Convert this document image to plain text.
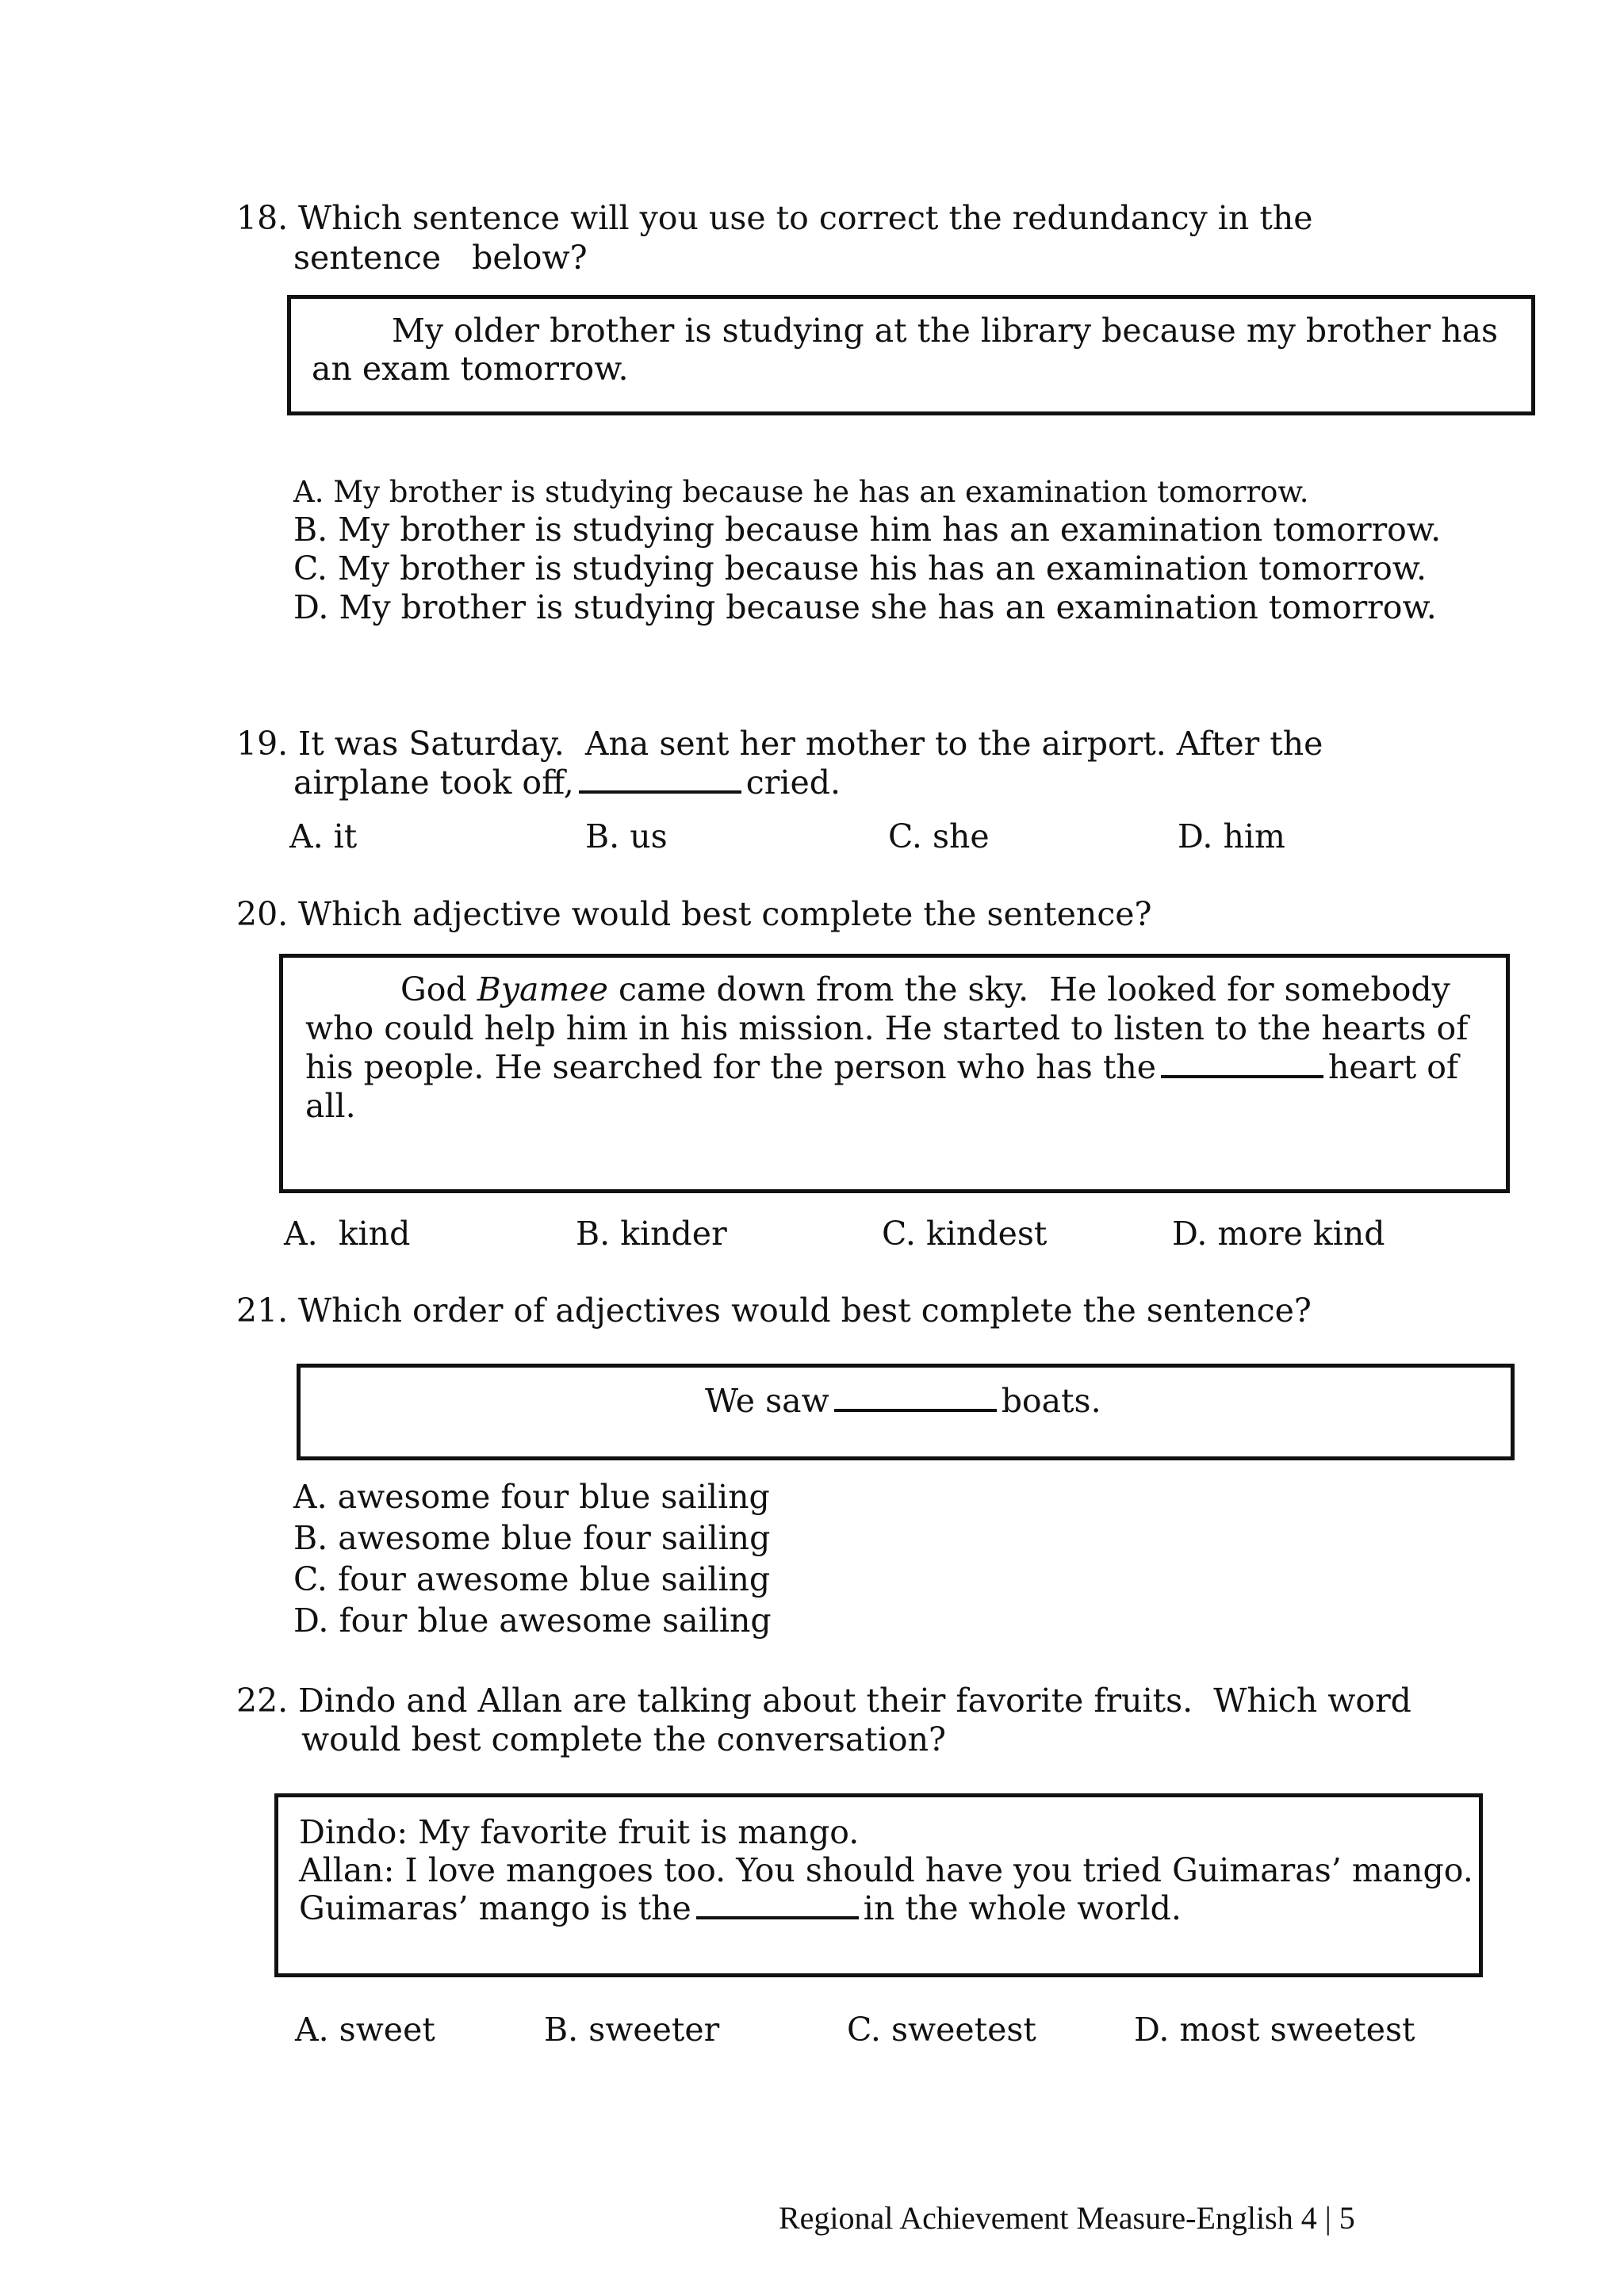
18. Which sentence will you use to correct the redundancy in the
sentence   below?
My older brother is studying at the library because my brother has
an exam tomorrow.
A. My brother is studying because he has an examination tomorrow.
B. My brother is studying because him has an examination tomorrow.
C. My brother is studying because his has an examination tomorrow.
D. My brother is studying because she has an examination tomorrow.
19. It was Saturday.  Ana sent her mother to the airport. After the
airplane took off,	cried.
A. it	B. us	C. she	D. him
20. Which adjective would best complete the sentence?
God Byamee came down from the sky.  He looked for somebody
who could help him in his mission. He started to listen to the hearts of
his people. He searched for the person who has the	heart of
all.
A.  kind	B. kinder	C. kindest	D. more kind
21. Which order of adjectives would best complete the sentence?
We saw	boats.
A. awesome four blue sailing
B. awesome blue four sailing
C. four awesome blue sailing
D. four blue awesome sailing
22. Dindo and Allan are talking about their favorite fruits.  Which word
would best complete the conversation?
Dindo: My favorite fruit is mango.
Allan: I love mangoes too. You should have you tried Guimaras’ mango.
Guimaras’ mango is the	in the whole world.
A. sweet	B. sweeter	C. sweetest	D. most sweetest
Regional Achievement Measure-English 4 | 5
